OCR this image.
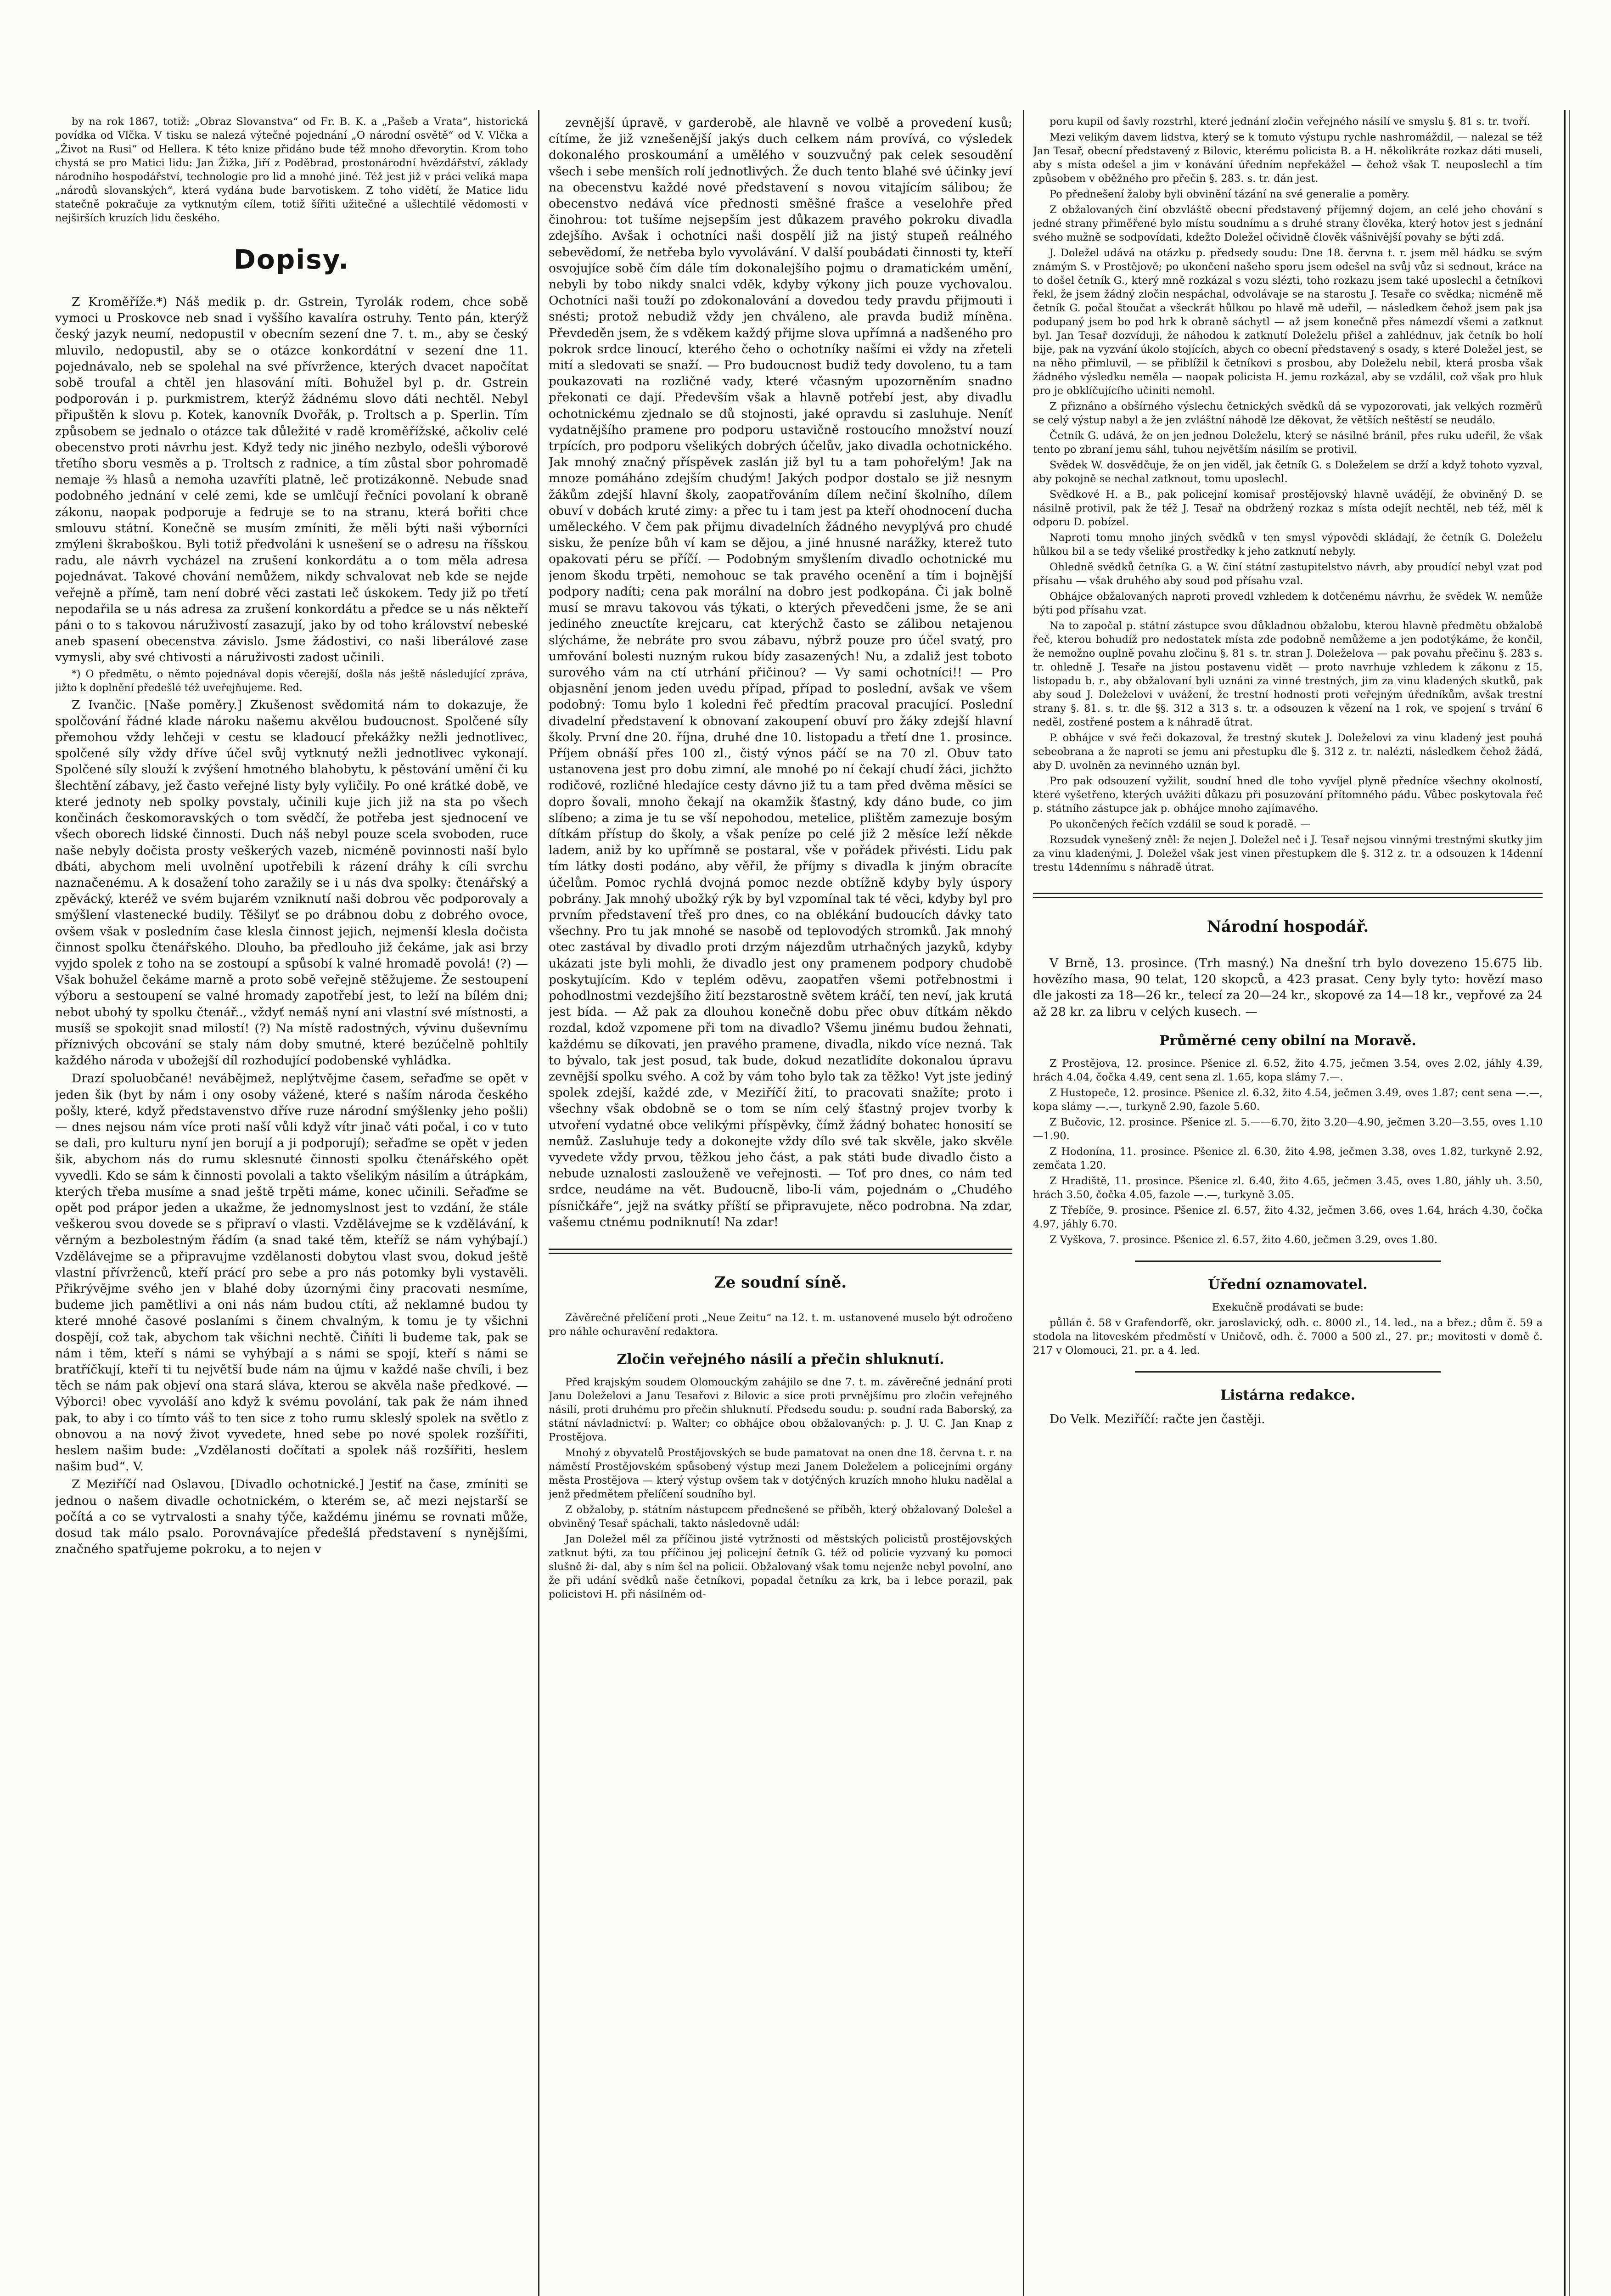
by na rok 1867, totiž: „Obraz Slovanstva“ od Fr. B. K. a „Pašeb a Vrata“, historická povídka od Vlčka. V tisku se nalezá výtečné pojednání „O národní osvětě“ od V. Vlčka a „Život na Rusi“ od Hellera. K této knize přidáno bude též mnoho dřevorytin. Krom toho chystá se pro Matici lidu: Jan Žižka, Jiří z Poděbrad, prostonárodní hvězdářství, základy národního hospodářství, technologie pro lid a mnohé jiné. Též jest již v práci veliká mapa „národů slovanských“, která vydána bude barvotiskem. Z toho vidětí, že Matice lidu statečně pokračuje za vytknutým cílem, totiž šířiti užitečné a ušlechtilé vědomosti v nejširších kruzích lidu českého.

Dopisy.

Z Kroměříže.*) Náš medik p. dr. Gstrein, Tyrolák rodem, chce sobě vymoci u Proskovce neb snad i vyššího kavalíra ostruhy. Tento pán, kterýž český jazyk neumí, nedopustil v obecním sezení dne 7. t. m., aby se český mluvilo, nedopustil, aby se o otázce konkordátní v sezení dne 11. pojednávalo, neb se spolehal na své přívržence, kterých dvacet napočítat sobě troufal a chtěl jen hlasování míti. Bohužel byl p. dr. Gstrein podporován i p. purkmistrem, kterýž žádnému slovo dáti nechtěl. Nebyl připuštěn k slovu p. Kotek, kanovník Dvořák, p. Troltsch a p. Sperlin. Tím způsobem se jednalo o otázce tak důležité v radě kroměřížské, ačkoliv celé obecenstvo proti návrhu jest. Když tedy nic jiného nezbylo, odešli výborové třetího sboru vesměs a p. Troltsch z radnice, a tím zůstal sbor pohromadě nemaje ⅔ hlasů a nemoha uzavříti platně, leč protizákonně. Nebude snad podobného jednání v celé zemi, kde se umlčují řečníci povolaní k obraně zákonu, naopak podporuje a fedruje se to na stranu, která bořiti chce smlouvu státní. Konečně se musím zmíniti, že měli býti naši výborníci zmýleni škraboškou. Byli totiž předvoláni k usnešení se o adresu na říšskou radu, ale návrh vycházel na zrušení konkordátu a o tom měla adresa pojednávat. Takové chování nemůžem, nikdy schvalovat neb kde se nejde veřejně a přímě, tam není dobré věci zastati leč úskokem. Tedy již po třetí nepodařila se u nás adresa za zrušení konkordátu a předce se u nás někteří páni o to s takovou náruživostí zasazují, jako by od toho království nebeské aneb spasení obecenstva závislo. Jsme žádostivi, co naši liberálové zase vymysli, aby své chtivosti a náruživosti zadost učinili.

*) O předmětu, o němto pojednával dopis včerejší, došla nás ještě následující zpráva, jižto k doplnění předešlé též uveřejňujeme. Red.

Z Ivančic. [Naše poměry.] Zkušenost svědomitá nám to dokazuje, že spolčování řádné klade nároku našemu akvělou budoucnost. Spolčené síly přemohou vždy lehčeji v cestu se kladoucí překážky nežli jednotlivec, spolčené síly vždy dříve účel svůj vytknutý nežli jednotlivec vykonají. Spolčené síly slouží k zvýšení hmotného blahobytu, k pěstování umění či ku šlechtění zábavy, jež často veřejné listy byly vyličily. Po oné krátké době, ve které jednoty neb spolky povstaly, učinili kuje jich již na sta po všech končinách českomoravských o tom svědčí, že potřeba jest sjednocení ve všech oborech lidské činnosti. Duch náš nebyl pouze scela svoboden, ruce naše nebyly dočista prosty veškerých vazeb, nicméně povinnosti naší bylo dbáti, abychom meli uvolnění upotřebili k rázení dráhy k cíli svrchu naznačenému. A k dosažení toho zaražily se i u nás dva spolky: čtenářský a zpěvácký, kteréž ve svém bujarém vzniknutí naši dobrou věc podporovaly a smýšlení vlastenecké budily. Těšilyť se po drábnou dobu z dobrého ovoce, ovšem však v posledním čase klesla činnost jejich, nejmenší klesla dočista činnost spolku čtenářského. Dlouho, ba předlouho již čekáme, jak asi brzy vyjdo spolek z toho na se zostoupí a spůsobí k valné hromadě povolá! (?) — Však bohužel čekáme marně a proto sobě veřejně stěžujeme. Že sestoupení výboru a sestoupení se valné hromady zapotřebí jest, to leží na bílém dni; nebot ubohý ty spolku čtenář.., vždyť nemáš nyní ani vlastní své místnosti, a musíš se spokojit snad milostí! (?) Na místě radostných, vývinu duševnímu příznivých obcování se staly nám doby smutné, které bezúčelně pohltily každého národa v ubožejší díl rozhodující podobenské vyhládka.

Drazí spoluobčané! nevábějmež, neplýtvějme časem, seřaďme se opět v jeden šik (byt by nám i ony osoby vážené, které s naším národa českého pošly, které, když představenstvo dříve ruze národní smýšlenky jeho pošli) — dnes nejsou nám více proti naší vůli když vítr jinač váti počal, i co v tuto se dali, pro kulturu nyní jen borují a ji podporují); seřaďme se opět v jeden šik, abychom nás do rumu sklesnuté činnosti spolku čtenářského opět vyvedli. Kdo se sám k činnosti povolali a takto všelikým násilím a útrápkám, kterých třeba musíme a snad ještě trpěti máme, konec učinili. Seřaďme se opět pod prápor jeden a ukažme, že jednomyslnost jest to vzdání, že stále veškerou svou dovede se s připraví o vlasti. Vzdělávejme se k vzdělávání, k věrným a bezbolestným řádím (a snad také těm, kteříž se nám vyhýbají.) Vzdělávejme se a připravujme vzdělanosti dobytou vlast svou, dokud ještě vlastní přívrženců, kteří prácí pro sebe a pro nás potomky byli vystavěli. Přikrývějme svého jen v blahé doby úzornými činy pracovati nesmíme, budeme jich pamětlivi a oni nás nám budou ctíti, až neklamné budou ty které mnohé časové poslaními s činem chvalným, k tomu je ty všichni dospějí, což tak, abychom tak všichni nechtě. Čiňíti li budeme tak, pak se nám i těm, kteří s námi se vyhýbají a s námi se spojí, kteří s námi se bratříčkují, kteří ti tu největší bude nám na újmu v každé naše chvíli, i bez těch se nám pak objeví ona stará sláva, kterou se akvěla naše předkové. — Výborci! obec vyvoláší ano když k svému povolání, tak pak že nám ihned pak, to aby i co tímto váš to ten sice z toho rumu skleslý spolek na světlo z obnovou a na nový život vyvedete, hned sebe po nové spolek rozšířiti, heslem našim bude: „Vzdělanosti dočítati a spolek náš rozšířiti, heslem našim bud“. V.

Z Meziříčí nad Oslavou. [Divadlo ochotnické.] Jestiť na čase, zmíniti se jednou o našem divadle ochotnickém, o kterém se, ač mezi nejstarší se počítá a co se vytrvalosti a snahy týče, každému jinému se rovnati může, dosud tak málo psalo. Porovnávajíce předešlá představení s nynějšími, značného spatřujeme pokroku, a to nejen v

zevnější úpravě, v garderobě, ale hlavně ve volbě a provedení kusů; cítíme, že již vznešenější jakýs duch celkem nám provívá, co výsledek dokonalého proskoumání a umělého v souzvučný pak celek sesoudění všech i sebe menších rolí jednotlivých. Že duch tento blahé své účinky jeví na obecenstvu každé nové představení s novou vitajícím sálibou; že obecenstvo nedává více přednosti směšné frašce a veselohře před činohrou: tot tušíme nejsepším jest důkazem pravého pokroku divadla zdejšího. Avšak i ochotníci naši dospělí již na jistý stupeň reálného sebevědomí, že netřeba bylo vyvolávání. V další poubádati činnosti ty, kteří osvojujíce sobě čím dále tím dokonalejšího pojmu o dramatickém umění, nebyli by tobo nikdy snalci vděk, kdyby výkony jich pouze vychovalou. Ochotníci naši touží po zdokonalování a dovedou tedy pravdu přijmouti i snésti; protož nebudiž vždy jen chváleno, ale pravda budiž míněna. Převdeděn jsem, že s vděkem každý přijme slova upřímná a nadšeného pro pokrok srdce linoucí, kterého čeho o ochotníky našími ei vždy na zřeteli mití a sledovati se snaží. — Pro budoucnost budiž tedy dovoleno, tu a tam poukazovati na rozličné vady, které včasným upozorněním snadno překonati ce dají. Především však a hlavně potřebí jest, aby divadlu ochotnickému zjednalo se dů stojnosti, jaké opravdu si zasluhuje. Neníť vydatnějšího pramene pro podporu ustavičně rostoucího množství nouzí trpících, pro podporu všelikých dobrých účelův, jako divadla ochotnického. Jak mnohý značný příspěvek zaslán již byl tu a tam pohořelým! Jak na mnoze pomáháno zdejším chudým! Jakých podpor dostalo se již nesnym žákům zdejší hlavní školy, zaopatřováním dílem nečiní školního, dílem obuví v dobách kruté zimy: a přec tu i tam jest pa kteří ohodnocení ducha uměleckého. V čem pak přijmu divadelních žádného nevyplývá pro chudé sisku, že peníze bůh ví kam se dějou, a jiné hnusné narážky, kterež tuto opakovati péru se příčí. — Podobným smyšlením divadlo ochotnické mu jenom škodu trpěti, nemohouc se tak pravého ocenění a tím i bojnější podpory nadíti; cena pak morální na dobro jest podkopána. Či jak bolně musí se mravu takovou vás týkati, o kterých převedčeni jsme, že se ani jediného zneuctíte krejcaru, cat kterýchž často se zálibou netajenou slýcháme, že nebráte pro svou zábavu, nýbrž pouze pro účel svatý, pro umřování bolesti nuzným rukou bídy zasazených! Nu, a zdaliž jest toboto surového vám na ctí utrhání přičinou? — Vy sami ochotníci!! — Pro objasnění jenom jeden uvedu případ, případ to poslední, avšak ve všem podobný: Tomu bylo 1 koledni řeč předtím pracoval pracující. Poslední divadelní představení k obnovaní zakoupení obuví pro žáky zdejší hlavní školy. První dne 20. října, druhé dne 10. listopadu a třetí dne 1. prosince. Příjem obnáší přes 100 zl., čistý výnos páčí se na 70 zl. Obuv tato ustanovena jest pro dobu zimní, ale mnohé po ní čekají chudí žáci, jichžto rodičové, rozličné hledajíce cesty dávno již tu a tam před dvěma měsíci se dopro šovali, mnoho čekají na okamžik šťastný, kdy dáno bude, co jim slíbeno; a zima je tu se vší nepohodou, metelice, plištěm zamezuje bosým dítkám přístup do školy, a však peníze po celé již 2 měsíce leží někde ladem, aniž by ko upřímně se postaral, vše v pořádek přivésti. Lidu pak tím látky dosti podáno, aby věřil, že příjmy s divadla k jiným obracíte účelům. Pomoc rychlá dvojná pomoc nezde obtížně kdyby byly úspory pobrány. Jak mnohý ubožký rýk by byl vzpomínal tak té věci, kdyby byl pro prvním představení třeš pro dnes, co na oblékání budoucích dávky tato všechny. Pro tu jak mnohé se nasobě od teplovodých stromků. Jak mnohý otec zastával by divadlo proti drzým nájezdům utrhačných jazyků, kdyby ukázati jste byli mohli, že divadlo jest ony pramenem podpory chudobě poskytujícím. Kdo v teplém oděvu, zaopatřen všemi potřebnostmi i pohodlnostmi vezdejšího žití bezstarostně světem kráčí, ten neví, jak krutá jest bída. — Až pak za dlouhou konečně dobu přec obuv dítkám někdo rozdal, kdož vzpomene při tom na divadlo? Všemu jinému budou žehnati, každému se díkovati, jen pravého pramene, divadla, nikdo více nezná. Tak to bývalo, tak jest posud, tak bude, dokud nezatlidíte dokonalou úpravu zevnější spolku svého. A což by vám toho bylo tak za těžko! Vyt jste jediný spolek zdejší, každé zde, v Meziříčí žití, to pracovati snažíte; proto i všechny však obdobně se o tom se ním celý šťastný projev tvorby k utvoření vydatné obce velikými příspěvky, čímž žádný bohatec honosití se nemůž. Zasluhuje tedy a dokonejte vždy dílo své tak skvěle, jako skvěle vyvedete vždy prvou, těžkou jeho část, a pak státi bude divadlo čisto a nebude uznalosti zaslouženě ve veřejnosti. — Toť pro dnes, co nám teď srdce, neudáme na vět. Budoucně, libo-li vám, pojednám o „Chudého písničkáře“, jejž na svátky příští se připravujete, něco podrobna. Na zdar, vašemu ctnému podniknutí! Na zdar!

Ze soudní síně.

Závěrečné přelíčení proti „Neue Zeitu“ na 12. t. m. ustanovené muselo být odročeno pro náhle ochuravění redaktora.

Zločin veřejného násilí a přečin shluknutí.

Před krajským soudem Olomouckým zahájilo se dne 7. t. m. závěrečné jednání proti Janu Doleželovi a Janu Tesařovi z Bilovic a sice proti prvnějšímu pro zločin veřejného násilí, proti druhému pro přečin shluknutí. Předsedu soudu: p. soudní rada Baborský, za státní návladnictví: p. Walter; co obhájce obou obžalovaných: p. J. U. C. Jan Knap z Prostějova.

Mnohý z obyvatelů Prostějovských se bude pamatovat na onen dne 18. června t. r. na náměstí Prostějovském spůsobený výstup mezi Janem Doleželem a policejními orgány města Prostějova — který výstup ovšem tak v dotýčných kruzích mnoho hluku nadělal a jenž předmětem přelíčení soudního byl.

Z obžaloby, p. státním nástupcem přednešené se příběh, který obžalovaný Dolešel a obviněný Tesař spáchali, takto následovně udál:

Jan Doležel měl za příčinou jisté vytržnosti od městských policistů prostějovských zatknut býti, za tou příčinou jej policejní četník G. též od policie vyzvaný ku pomoci slušně ži- dal, aby s ním šel na policii. Obžalovaný však tomu nejenže nebyl povolní, ano že při udání svědků naše četníkovi, popadal četníku za krk, ba i lebce porazil, pak policistovi H. při násilném od-

poru kupil od šavly rozstrhl, které jednání zločin veřejného násilí ve smyslu §. 81 s. tr. tvoří.

Mezi velikým davem lidstva, který se k tomuto výstupu rychle nashromáždil, — nalezal se též Jan Tesař, obecní představený z Bilovic, kterému policista B. a H. několikráte rozkaz dáti museli, aby s místa odešel a jim v konávání úředním nepřekážel — čehož však T. neuposlechl a tím způsobem v oběžného pro přečin §. 283. s. tr. dán jest.

Po přednešení žaloby byli obvinění tázání na své generalie a poměry.

Z obžalovaných činí obzvláště obecní představený příjemný dojem, an celé jeho chování s jedné strany přiměřené bylo místu soudnímu a s druhé strany člověka, který hotov jest s jednání svého mužně se sodpovídati, kdežto Doležel očividně člověk vášnivější povahy se býti zdá.

J. Doležel udává na otázku p. předsedy soudu: Dne 18. června t. r. jsem měl hádku se svým známým S. v Prostějově; po ukončení našeho sporu jsem odešel na svůj vůz si sednout, kráce na to došel četník G., který mně rozkázal s vozu slézti, toho rozkazu jsem také uposlechl a četníkovi řekl, že jsem žádný zločin nespáchal, odvolávaje se na starostu J. Tesaře co svědka; nicméně mě četník G. počal štoučat a všeckrát hůlkou po hlavě mě udeřil, — následkem čehož jsem pak jsa podupaný jsem bo pod hrk k obraně sáchytl — až jsem konečně přes námezdí všemi a zatknut byl. Jan Tesař dozvíduji, že náhodou k zatknutí Doleželu přišel a zahlédnuv, jak četník bo holí bije, pak na vyzvání úkolo stojících, abych co obecní představený s osady, s které Doležel jest, se na něho přimluvil, — se přiblížil k četníkovi s prosbou, aby Doleželu nebil, která prosba však žádného výsledku neměla — naopak policista H. jemu rozkázal, aby se vzdálil, což však pro hluk pro je obklíčujícího učiniti nemohl.

Z přiznáno a obšírného výslechu četnických svědků dá se vypozorovati, jak velkých rozměrů se celý výstup nabyl a že jen zvláštní náhodě lze děkovat, že větších neštěstí se neudálo.

Četník G. udává, že on jen jednou Doleželu, který se násilné bránil, přes ruku udeřil, že však tento po zbraní jemu sáhl, tuhou největším násilím se protivil.

Svědek W. dosvědčuje, že on jen viděl, jak četník G. s Doleželem se drží a když tohoto vyzval, aby pokojně se nechal zatknout, tomu uposlechl.

Svědkové H. a B., pak policejní komisař prostějovský hlavně uvádějí, že obviněný D. se násilně protivil, pak že též J. Tesař na obdržený rozkaz s místa odejít nechtěl, neb též, měl k odporu D. pobízel.

Naproti tomu mnoho jiných svědků v ten smysl výpovědi skládají, že četník G. Doleželu hůlkou bil a se tedy všeliké prostředky k jeho zatknutí nebyly.

Ohledně svědků četníka G. a W. činí státní zastupitelstvo návrh, aby proudící nebyl vzat pod přísahu — však druhého aby soud pod přísahu vzal.

Obhájce obžalovaných naproti provedl vzhledem k dotčenému návrhu, že svědek W. nemůže býti pod přísahu vzat.

Na to započal p. státní zástupce svou důkladnou obžalobu, kterou hlavně předmětu obžalobě řeč, kterou bohudíž pro nedostatek místa zde podobně nemůžeme a jen podotýkáme, že končil, že nemožno ouplně povahu zločinu §. 81 s. tr. stran J. Doleželova — pak povahu přečinu §. 283 s. tr. ohledně J. Tesaře na jistou postavenu vidět — proto navrhuje vzhledem k zákonu z 15. listopadu b. r., aby obžalovaní byli uznáni za vinné trestných, jim za vinu kladených skutků, pak aby soud J. Doleželovi v uvážení, že trestní hodností proti veřejným úředníkům, avšak trestní strany §. 81. s. tr. dle §§. 312 a 313 s. tr. a odsouzen k vězení na 1 rok, ve spojení s trvání 6 neděl, zostřené postem a k náhradě útrat.

P. obhájce v své řeči dokazoval, že trestný skutek J. Doleželovi za vinu kladený jest pouhá sebeobrana a že naproti se jemu ani přestupku dle §. 312 z. tr. nalézti, následkem čehož žádá, aby D. uvolněn za nevinného uznán byl.

Pro pak odsouzení vyžilit, soudní hned dle toho vyvíjel plyně předníce všechny okolností, které vyšetřeno, kterých uvážiti důkazu při posuzování přítomného pádu. Vůbec poskytovala řeč p. státního zástupce jak p. obhájce mnoho zajímavého.

Po ukončených řečích vzdálil se soud k poradě. —

Rozsudek vynešený zněl: že nejen J. Doležel neč i J. Tesař nejsou vinnými trestnými skutky jim za vinu kladenými, J. Doležel však jest vinen přestupkem dle §. 312 z. tr. a odsouzen k 14denní trestu 14dennímu s náhradě útrat.

Národní hospodář.

V Brně, 13. prosince. (Trh masný.) Na dnešní trh bylo dovezeno 15.675 lib. hovězího masa, 90 telat, 120 skopců, a 423 prasat. Ceny byly tyto: hovězí maso dle jakosti za 18—26 kr., telecí za 20—24 kr., skopové za 14—18 kr., vepřové za 24 až 28 kr. za libru v celých kusech. —

Průměrné ceny obilní na Moravě.

Z Prostějova, 12. prosince. Pšenice zl. 6.52, žito 4.75, ječmen 3.54, oves 2.02, jáhly 4.39, hrách 4.04, čočka 4.49, cent sena zl. 1.65, kopa slámy 7.—.

Z Hustopeče, 12. prosince. Pšenice zl. 6.32, žito 4.54, ječmen 3.49, oves 1.87; cent sena —.—, kopa slámy —.—, turkyně 2.90, fazole 5.60.

Z Bučovic, 12. prosince. Pšenice zl. 5.——6.70, žito 3.20—4.90, ječmen 3.20—3.55, oves 1.10—1.90.

Z Hodonína, 11. prosince. Pšenice zl. 6.30, žito 4.98, ječmen 3.38, oves 1.82, turkyně 2.92, zemčata 1.20.

Z Hradiště, 11. prosince. Pšenice zl. 6.40, žito 4.65, ječmen 3.45, oves 1.80, jáhly uh. 3.50, hrách 3.50, čočka 4.05, fazole —.—, turkyně 3.05.

Z Třebíče, 9. prosince. Pšenice zl. 6.57, žito 4.32, ječmen 3.66, oves 1.64, hrách 4.30, čočka 4.97, jáhly 6.70.

Z Vyškova, 7. prosince. Pšenice zl. 6.57, žito 4.60, ječmen 3.29, oves 1.80.

Úřední oznamovatel.

Exekučně prodávati se bude:

půllán č. 58 v Grafendorfě, okr. jaroslavický, odh. c. 8000 zl., 14. led., na a břez.; dům č. 59 a stodola na litoveském předměstí v Uničově, odh. č. 7000 a 500 zl., 27. pr.; movitosti v domě č. 217 v Olomouci, 21. pr. a 4. led.

Listárna redakce.

Do Velk. Meziříčí: račte jen častěji.
